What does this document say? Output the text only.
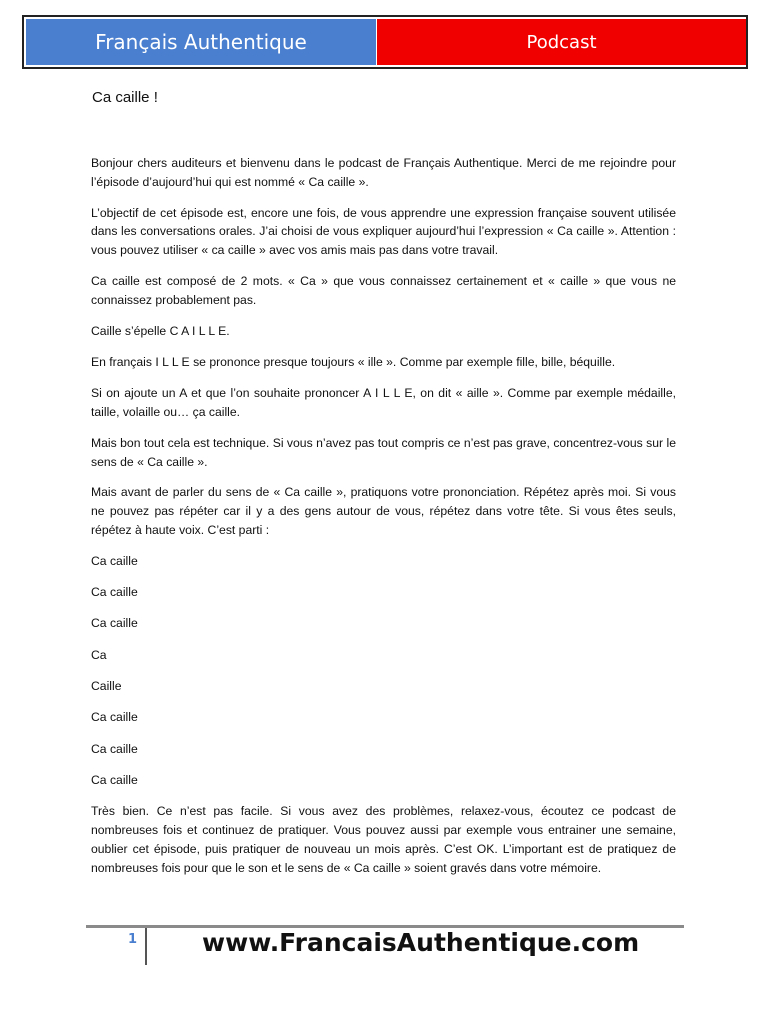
Français Authentique	Podcast
Ca caille !

Bonjour chers auditeurs et bienvenu dans le podcast de Français Authentique. Merci de me rejoindre pour l’épisode d’aujourd’hui qui est nommé « Ca caille ».

L’objectif de cet épisode est, encore une fois, de vous apprendre une expression française souvent utilisée dans les conversations orales. J’ai choisi de vous expliquer aujourd’hui l’expression « Ca caille ». Attention : vous pouvez utiliser « ca caille » avec vos amis mais pas dans votre travail.

Ca caille est composé de 2 mots. « Ca » que vous connaissez certainement et « caille » que vous ne connaissez probablement pas.

Caille s’épelle C A I L L E.

En français I L L E se prononce presque toujours « ille ». Comme par exemple fille, bille, béquille.

Si on ajoute un A et que l’on souhaite prononcer A I L L E, on dit « aille ». Comme par exemple médaille, taille, volaille ou… ça caille.

Mais bon tout cela est technique. Si vous n’avez pas tout compris ce n’est pas grave, concentrez-vous sur le sens de « Ca caille ».

Mais avant de parler du sens de « Ca caille », pratiquons votre prononciation. Répétez après moi. Si vous ne pouvez pas répéter car il y a des gens autour de vous, répétez dans votre tête. Si vous êtes seuls, répétez à haute voix. C’est parti :

Ca caille

Ca caille

Ca caille

Ca

Caille

Ca caille

Ca caille

Ca caille

Très bien. Ce n’est pas facile. Si vous avez des problèmes, relaxez-vous, écoutez ce podcast de nombreuses fois et continuez de pratiquer. Vous pouvez aussi par exemple vous entrainer une semaine, oublier cet épisode, puis pratiquer de nouveau un mois après. C’est OK. L’important est de pratiquez de nombreuses fois pour que le son et le sens de « Ca caille » soient gravés dans votre mémoire.

1	www.FrancaisAuthentique.com
